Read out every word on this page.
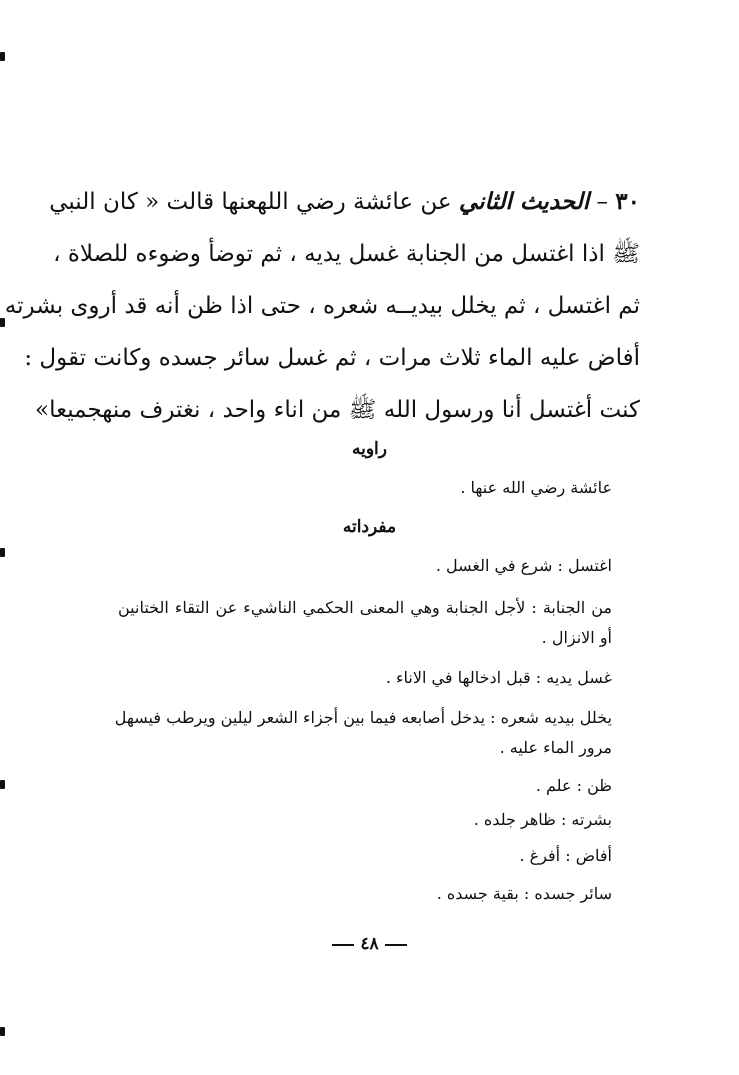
٣٠ – الحديث الثاني عن عائشة رضي اللهعنها قالت « كان النبي
ﷺ اذا اغتسل من الجنابة غسل يديه ، ثم توضأ وضوءه للصلاة ،
ثم اغتسل ، ثم يخلل بيديــه شعره ، حتى اذا ظن أنه قد أروى بشرته
أفاض عليه الماء ثلاث مرات ، ثم غسل سائر جسده وكانت تقول :
كنت أغتسل أنا ورسول الله ﷺ من اناء واحد ، نغترف منهجميعا»
راويه
عائشة رضي الله عنها .
مفرداته
اغتسل : شرع في الغسل .
من الجنابة : لأجل الجنابة وهي المعنى الحكمي الناشيء عن التقاء الختانين
أو الانزال .
غسل يديه : قبل ادخالها في الاناء .
يخلل بيديه شعره : يدخل أصابعه فيما بين أجزاء الشعر ليلين ويرطب فيسهل
مرور الماء عليه .
ظن : علم .
بشرته : ظاهر جلده .
أفاض : أفرغ .
سائر جسده : بقية جسده .
٤٨
